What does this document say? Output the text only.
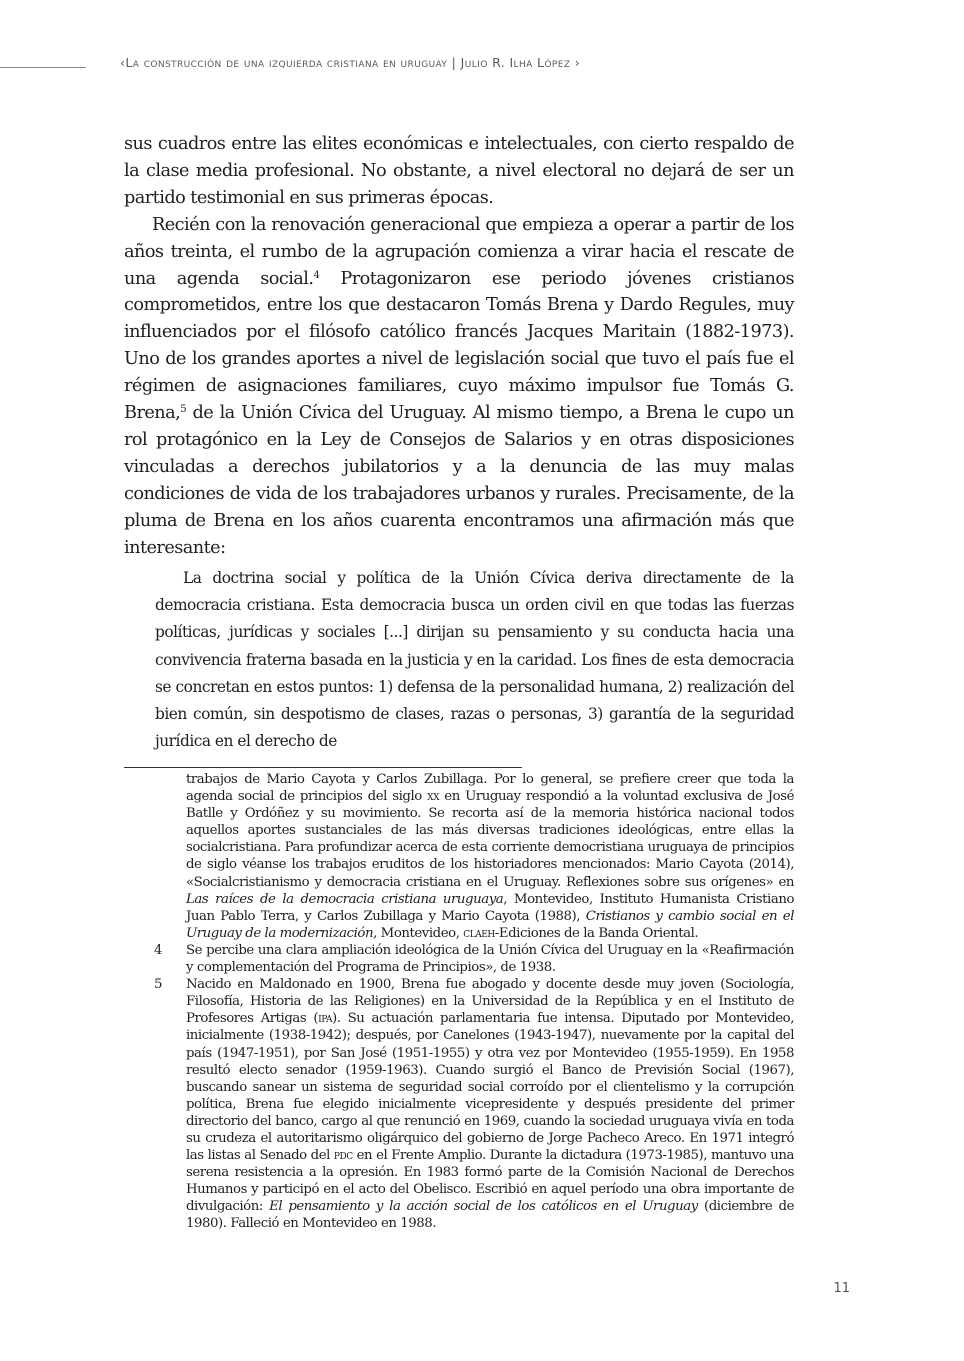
‹La construcción de una izquierda cristiana en uruguay | Julio R. Ilha López ›

sus cuadros entre las elites económicas e intelectuales, con cierto respaldo de la clase media profesional. No obstante, a nivel electoral no dejará de ser un partido testimonial en sus primeras épocas.

Recién con la renovación generacional que empieza a operar a partir de los años treinta, el rumbo de la agrupación comienza a virar hacia el rescate de una agenda social.$^4$ Protagonizaron ese periodo jóvenes cristianos comprometidos, entre los que destacaron Tomás Brena y Dardo Regules, muy influenciados por el filósofo católico francés Jacques Maritain (1882-1973). Uno de los grandes aportes a nivel de legislación social que tuvo el país fue el régimen de asignaciones familiares, cuyo máximo impulsor fue Tomás G. Brena,$^5$ de la Unión Cívica del Uruguay. Al mismo tiempo, a Brena le cupo un rol protagónico en la Ley de Consejos de Salarios y en otras disposiciones vinculadas a derechos jubilatorios y a la denuncia de las muy malas condiciones de vida de los trabajadores urbanos y rurales. Precisamente, de la pluma de Brena en los años cuarenta encontramos una afirmación más que interesante:

La doctrina social y política de la Unión Cívica deriva directamente de la democracia cristiana. Esta democracia busca un orden civil en que todas las fuerzas políticas, jurídicas y sociales [...] dirijan su pensamiento y su conducta hacia una convivencia fraterna basada en la justicia y en la caridad. Los fines de esta democracia se concretan en estos puntos: 1) defensa de la personalidad humana, 2) realización del bien común, sin despotismo de clases, razas o personas, 3) garantía de la seguridad jurídica en el derecho de

trabajos de Mario Cayota y Carlos Zubillaga. Por lo general, se prefiere creer que toda la agenda social de principios del siglo xx en Uruguay respondió a la voluntad exclusiva de José Batlle y Ordóñez y su movimiento. Se recorta así de la memoria histórica nacional todos aquellos aportes sustanciales de las más diversas tradiciones ideológicas, entre ellas la socialcristiana. Para profundizar acerca de esta corriente democristiana uruguaya de principios de siglo véanse los trabajos eruditos de los historiadores mencionados: Mario Cayota (2014), «Socialcristianismo y democracia cristiana en el Uruguay. Reflexiones sobre sus orígenes» en Las raíces de la democracia cristiana uruguaya, Montevideo, Instituto Humanista Cristiano Juan Pablo Terra, y Carlos Zubillaga y Mario Cayota (1988), Cristianos y cambio social en el Uruguay de la modernización, Montevideo, claeh-Ediciones de la Banda Oriental.
4 Se percibe una clara ampliación ideológica de la Unión Cívica del Uruguay en la «Reafirmación y complementación del Programa de Principios», de 1938.
5 Nacido en Maldonado en 1900, Brena fue abogado y docente desde muy joven (Sociología, Filosofía, Historia de las Religiones) en la Universidad de la República y en el Instituto de Profesores Artigas (ipa). Su actuación parlamentaria fue intensa. Diputado por Montevideo, inicialmente (1938-1942); después, por Canelones (1943-1947), nuevamente por la capital del país (1947-1951), por San José (1951-1955) y otra vez por Montevideo (1955-1959). En 1958 resultó electo senador (1959-1963). Cuando surgió el Banco de Previsión Social (1967), buscando sanear un sistema de seguridad social corroído por el clientelismo y la corrupción política, Brena fue elegido inicialmente vicepresidente y después presidente del primer directorio del banco, cargo al que renunció en 1969, cuando la sociedad uruguaya vivía en toda su crudeza el autoritarismo oligárquico del gobierno de Jorge Pacheco Areco. En 1971 integró las listas al Senado del pdc en el Frente Amplio. Durante la dictadura (1973-1985), mantuvo una serena resistencia a la opresión. En 1983 formó parte de la Comisión Nacional de Derechos Humanos y participó en el acto del Obelisco. Escribió en aquel período una obra importante de divulgación: El pensamiento y la acción social de los católicos en el Uruguay (diciembre de 1980). Falleció en Montevideo en 1988.
11
